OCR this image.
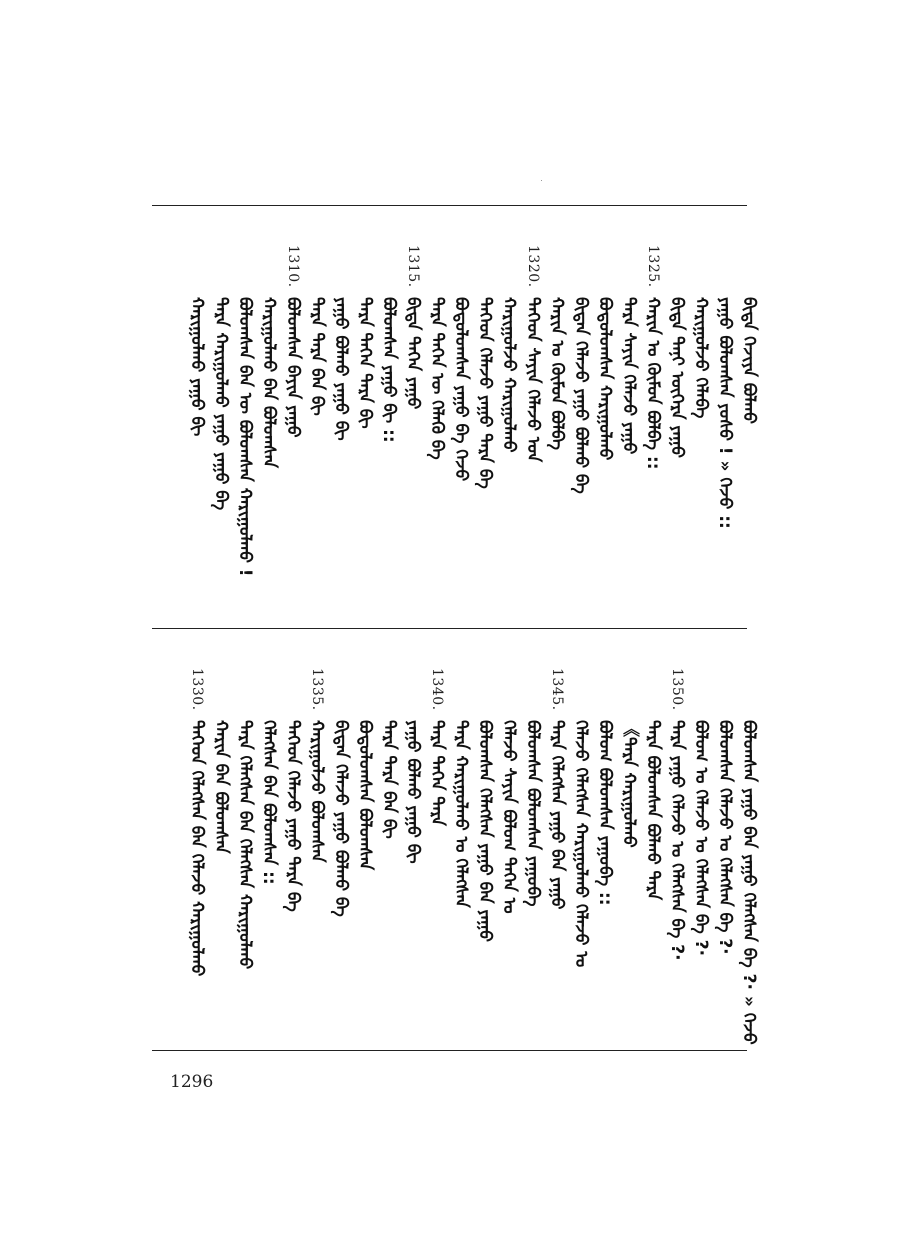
ᠪᠢᠳᠡ ᠬᠡᠵᠢᠶᠡ ᠪᠣᠯᠬᠤ
ᠶᠠᠭᠤ ᠪᠣᠯᠤᠭᠰᠠᠨ ᠶᠣᠰᠣ ! » ᠭᠡᠵᠦ ::
ᠬᠠᠷᠢᠭᠤᠯᠵᠤ ᠬᠡᠯᠡᠪᠡ
ᠪᠢᠳᠡ ᠲᠠᠨᠢ ᠦᠬᠡᠷᠡ ᠶᠠᠭᠤ
1325.
ᠬᠠᠷᠢᠨ ᠤ ᠬᠦᠮᠦᠨ ᠪᠣᠯᠪᠠ ::
ᠲᠡᠷᠡ ᠰᠠᠶᠢᠨ ᠬᠡᠯᠡᠵᠦ ᠶᠠᠭᠤ
ᠪᠣᠳᠣᠯᠤᠭᠰᠠᠨ ᠬᠠᠷᠢᠭᠤᠯᠬᠤ
ᠪᠢᠳᠡᠨ ᠬᠡᠯᠡᠵᠦ ᠶᠠᠭᠤ ᠪᠣᠯᠬᠤ ᠪᠡ
ᠬᠠᠷᠢᠨ ᠤ ᠬᠦᠮᠦᠨ ᠪᠣᠯᠪᠠ
1320.
ᠲᠡᠭᠡᠳ ᠰᠠᠶᠢᠨ ᠬᠡᠯᠡᠵᠦ ᠤᠨ
ᠬᠠᠷᠢᠭᠤᠯᠵᠤ ᠬᠠᠷᠢᠭᠤᠯᠬᠤ
ᠲᠡᠭᠡᠳ ᠬᠡᠯᠡᠵᠦ ᠶᠠᠭᠤ ᠲᠡᠷᠡ ᠪᠡ
ᠪᠣᠳᠣᠯᠤᠭᠰᠠᠨ ᠶᠠᠭᠤ ᠪᠡ ᠭᠡᠵᠦ
ᠲᠡᠷᠡ ᠲᠡᠭᠡᠨ ᠦ ᠬᠡᠯᠡᠬᠦ ᠪᠠ
1315.
ᠪᠢᠳᠡ ᠲᠡᠭᠡᠨ ᠶᠠᠭᠤ
ᠪᠣᠯᠤᠭᠰᠠᠨ ᠶᠠᠭᠤ ᠪᠢ ::
ᠲᠡᠷᠡ ᠲᠡᠭᠡᠨ ᠲᠡᠷᠡ ᠪᠢ
ᠶᠠᠭᠤ ᠪᠣᠯᠬᠤ ᠶᠠᠭᠤ ᠪᠢ
ᠲᠡᠷᠡ ᠲᠡᠷᠡ ᠪᠠᠨ ᠪᠢ
1310.
ᠪᠣᠯᠤᠭᠰᠠᠨ ᠪᠠᠶᠢᠨ ᠶᠠᠭᠤ
ᠬᠠᠷᠢᠭᠤᠯᠬᠤ ᠪᠠᠨ ᠪᠣᠯᠤᠭᠰᠠᠨ
ᠪᠣᠯᠤᠭᠰᠠᠨ ᠪᠠᠨ ᠦ ᠪᠣᠯᠤᠭᠰᠠᠨ ᠬᠠᠷᠢᠭᠤᠯᠬᠤ !
ᠲᠡᠷᠡ ᠬᠠᠷᠢᠭᠤᠯᠬᠤ ᠶᠠᠭᠤ ᠶᠠᠭᠤ ᠪᠡ
ᠬᠠᠷᠢᠭᠤᠯᠬᠤ ᠶᠠᠭᠤ ᠪᠢ
ᠪᠣᠯᠤᠭᠰᠠᠨ ᠶᠠᠭᠤ ᠪᠠᠨ ᠶᠠᠭᠤ ᠬᠡᠯᠡᠭᠰᠡᠨ ᠪᠡ ?· » ᠭᠡᠵᠦ
ᠪᠣᠯᠤᠭᠰᠠᠨ ᠬᠡᠯᠡᠵᠦ ᠤ ᠬᠡᠯᠡᠭᠰᠡᠨ ᠪᠡ ?·
ᠪᠣᠯᠤᠭ ᠤ ᠬᠡᠯᠡᠵᠦ ᠤ ᠬᠡᠯᠡᠭᠰᠡᠨ ᠪᠡ ?·
1350.
ᠲᠡᠷᠡ ᠶᠠᠭᠤ ᠬᠡᠯᠡᠵᠦ ᠤ ᠬᠡᠯᠡᠭᠰᠡᠨ ᠪᠡ ?·
ᠲᠡᠷᠡ ᠪᠣᠯᠤᠭᠰᠠᠨ ᠪᠣᠯᠬᠤ ᠲᠡᠷᠡ
《ᠲᠡᠷᠡ ᠬᠠᠷᠢᠭᠤᠯᠬᠤ
ᠪᠣᠯᠤᠭ ᠪᠣᠯᠤᠭᠰᠠᠨ ᠶᠠᠭᠤᠪᠡ ::
ᠬᠡᠯᠡᠵᠦ ᠬᠡᠯᠡᠭᠰᠡᠨ ᠬᠠᠷᠢᠭᠤᠯᠬᠤ ᠬᠡᠯᠡᠵᠦ ᠤ
1345.
ᠲᠡᠷᠡ ᠬᠡᠯᠡᠭᠰᠡᠨ ᠶᠠᠭᠤ ᠪᠠᠨ ᠶᠠᠭᠤ
ᠪᠣᠯᠤᠭᠰᠠᠨ ᠪᠣᠯᠤᠭᠰᠠᠨ ᠶᠠᠭᠤᠪᠡ
ᠬᠡᠯᠡᠵᠦ ᠰᠠᠶᠢᠨ ᠪᠣᠯᠤᠭ ᠲᠡᠭᠡᠨ ᠤ
ᠪᠣᠯᠤᠭᠰᠠᠨ ᠬᠡᠯᠡᠭᠰᠡᠨ ᠶᠠᠭᠤ ᠪᠠᠨ ᠶᠠᠭᠤ
ᠲᠡᠷᠡ ᠬᠠᠷᠢᠭᠤᠯᠬᠤ ᠤ ᠬᠡᠯᠡᠭᠰᠡᠨ
1340.
ᠲᠡᠷᠡ ᠲᠡᠭᠡᠨ ᠲᠡᠷᠡ
ᠶᠠᠭᠤ ᠪᠣᠯᠬᠤ ᠶᠠᠭᠤ ᠪᠢ
ᠲᠡᠷᠡ ᠲᠡᠷᠡ ᠪᠠᠨ ᠪᠢ
ᠪᠣᠳᠣᠯᠤᠭᠰᠠᠨ ᠪᠣᠯᠤᠭᠰᠠᠨ
ᠪᠢᠳᠡᠨ ᠬᠡᠯᠡᠵᠦ ᠶᠠᠭᠤ ᠪᠣᠯᠬᠤ ᠪᠡ
1335.
ᠬᠠᠷᠢᠭᠤᠯᠵᠤ ᠪᠣᠯᠤᠭᠰᠠᠨ
ᠲᠡᠭᠡᠳ ᠬᠡᠯᠡᠵᠦ ᠶᠠᠭᠤ ᠲᠡᠷᠡ ᠪᠡ
ᠬᠡᠯᠡᠭᠰᠡᠨ ᠪᠠᠨ ᠪᠣᠯᠤᠭᠰᠠᠨ ::
ᠲᠡᠷᠡ ᠬᠡᠯᠡᠭᠰᠡᠨ ᠪᠠᠨ ᠬᠡᠯᠡᠭᠰᠡᠨ ᠬᠠᠷᠢᠭᠤᠯᠬᠤ
ᠬᠠᠷᠢᠨ ᠪᠠᠨ ᠪᠣᠯᠤᠭᠰᠠᠨ
1330.
ᠲᠡᠭᠡᠳ ᠬᠡᠯᠡᠭᠰᠡᠨ ᠪᠠᠨ ᠬᠡᠯᠡᠵᠦ ᠬᠠᠷᠢᠭᠤᠯᠬᠤ
1296
